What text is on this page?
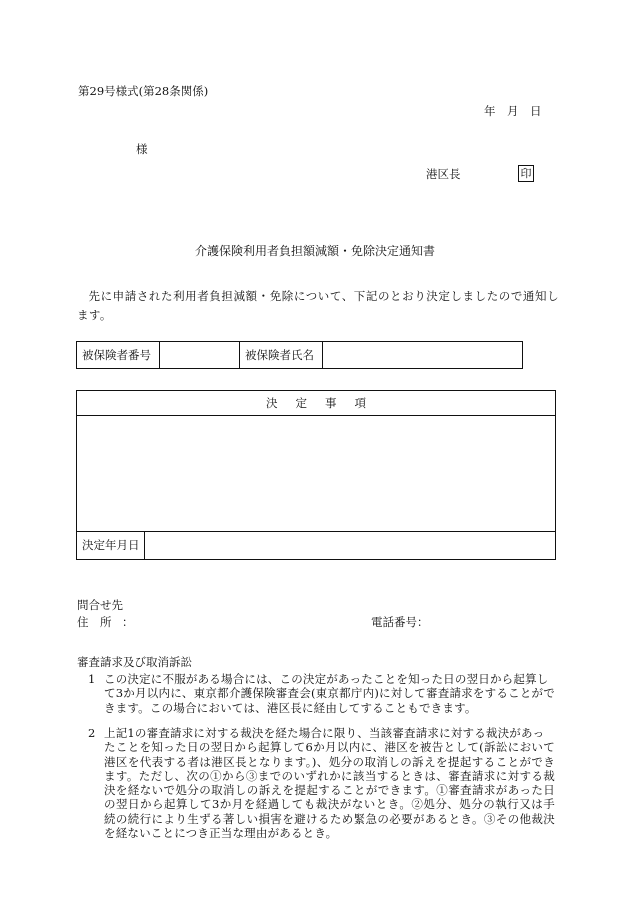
第29号様式(第28条関係)
年　月　日
様
港区長	印
介護保険利用者負担額減額・免除決定通知書
先に申請された利用者負担減額・免除について、下記のとおり決定しましたので通知します。
被保険者番号		被保険者氏名	
決定事項
決定年月日
問合せ先
住　所 ：	電話番号：
審査請求及び取消訴訟
1 この決定に不服がある場合には、この決定があったことを知った日の翌日から起算し
て3か月以内に、東京都介護保険審査会(東京都庁内)に対して審査請求をすることができます。この場合においては、港区長に経由してすることもできます。
2 上記1の審査請求に対する裁決を経た場合に限り、当該審査請求に対する裁決があっ
たことを知った日の翌日から起算して6か月以内に、港区を被告として(訴訟において港区を代表する者は港区長となります。)、処分の取消しの訴えを提起することができます。ただし、次の①から③までのいずれかに該当するときは、審査請求に対する裁決を経ないで処分の取消しの訴えを提起することができます。①審査請求があった日の翌日から起算して3か月を経過しても裁決がないとき。②処分、処分の執行又は手続の続行により生ずる著しい損害を避けるため緊急の必要があるとき。③その他裁決を経ないことにつき正当な理由があるとき。
